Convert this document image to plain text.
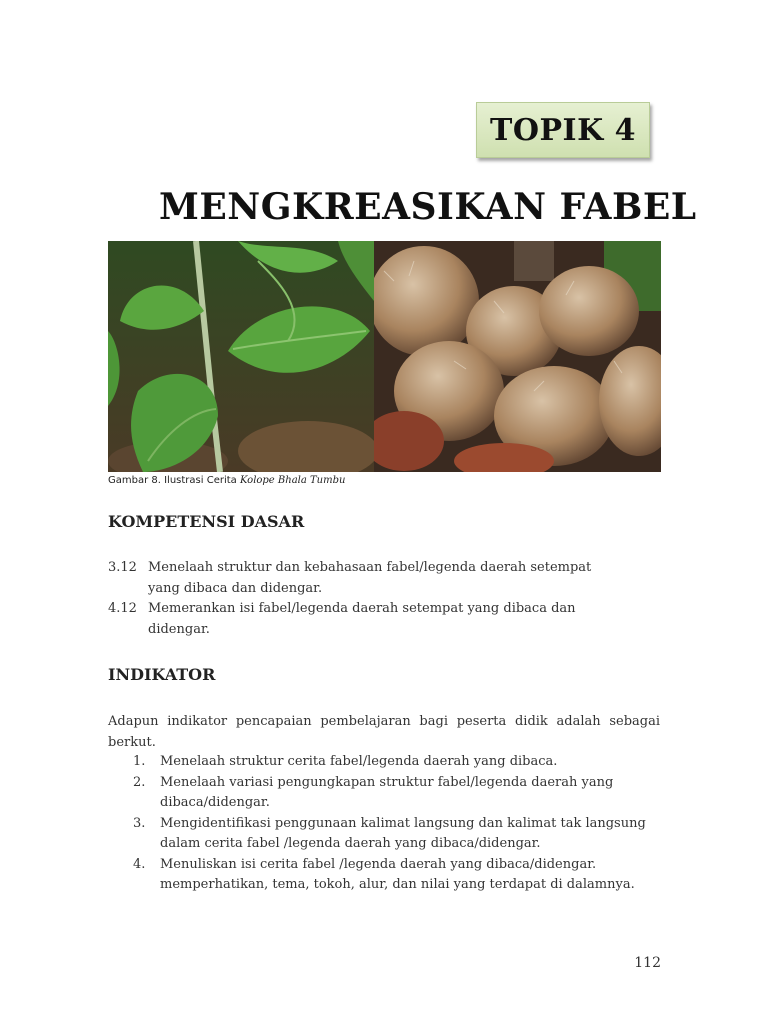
TOPIK 4
MENGKREASIKAN FABEL
Gambar 8. Ilustrasi Cerita Kolope Bhala Tumbu
KOMPETENSI DASAR
3.12 Menelaah struktur dan kebahasaan fabel/legenda daerah setempat
yang dibaca dan didengar.
4.12 Memerankan isi fabel/legenda daerah setempat yang dibaca dan
didengar.
INDIKATOR

Adapun indikator pencapaian pembelajaran bagi peserta didik adalah sebagai berkut.

1. Menelaah struktur cerita fabel/legenda daerah yang dibaca.
2. Menelaah variasi pengungkapan struktur fabel/legenda daerah yang dibaca/didengar.
3. Mengidentifikasi penggunaan kalimat langsung dan kalimat tak langsung dalam cerita fabel /legenda daerah yang dibaca/didengar.
4. Menuliskan isi cerita fabel /legenda daerah yang dibaca/didengar. memperhatikan, tema, tokoh, alur, dan nilai yang terdapat di dalamnya.
112
